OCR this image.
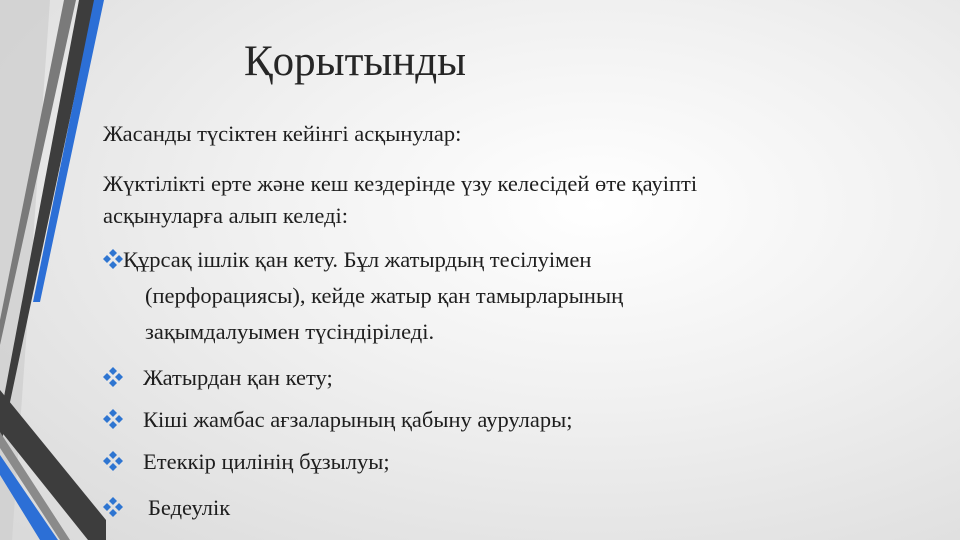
Қорытынды

Жасанды түсіктен кейінгі асқынулар:

Жүктілікті ерте және кеш кездерінде үзу келесідей өте қауіпті асқынуларға алып келеді:

Құрсақ ішлік қан кету. Бұл жатырдың тесілуімен (перфорациясы), кейде жатыр қан тамырларының зақымдалуымен түсіндіріледі.
Жатырдан қан кету;
Кіші жамбас ағзаларының қабыну аурулары;
Етеккір цилінің бұзылуы;
Бедеулік
